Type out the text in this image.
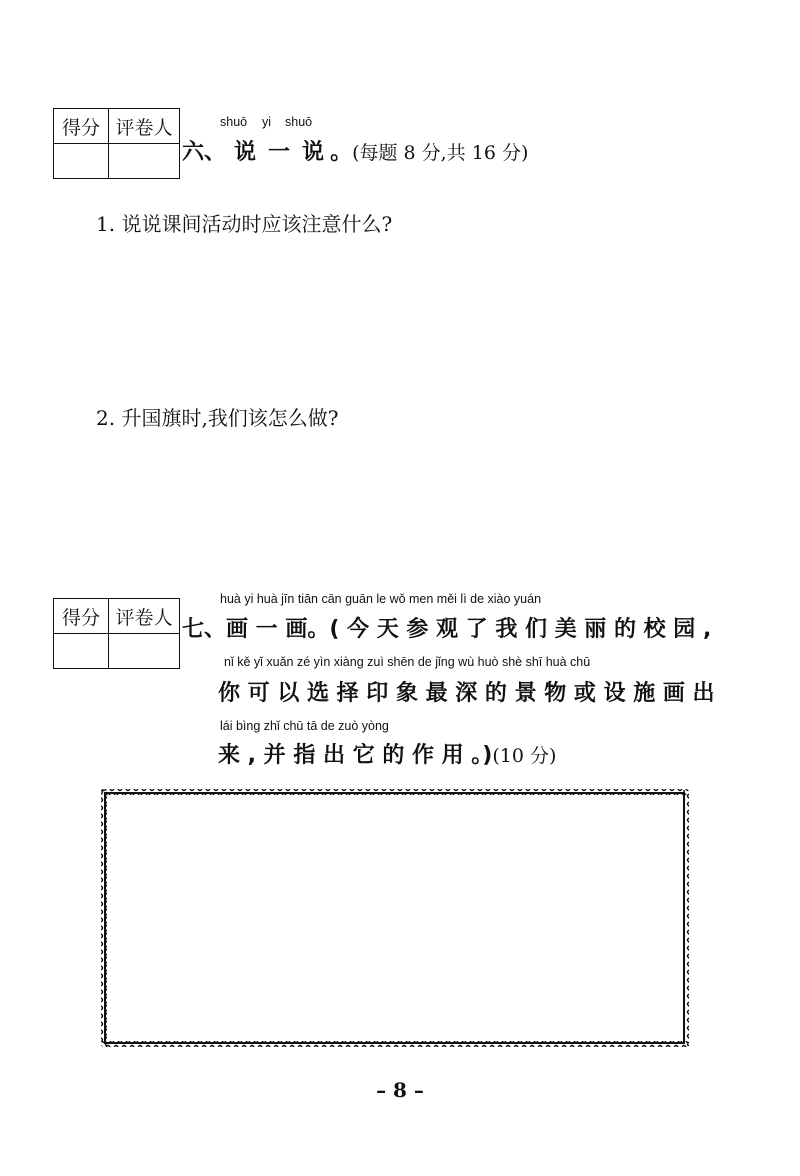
得分	评卷人
		shuō yi shuō
六、 说 一 说 。(每题 8 分,共 16 分)
1. 说说课间活动时应该注意什么?
2. 升国旗时,我们该怎么做?
得分	评卷人

huà yi huà jīn tiān cān guān le wǒ men měi lì de xiào yuán
七、画 一 画。( 今 天 参 观 了 我 们 美 丽 的 校 园 ,
nǐ kě yǐ xuǎn zé yìn xiàng zuì shēn de jǐng wù huò shè shī huà chū
你 可 以 选 择 印 象 最 深 的 景 物 或 设 施 画 出
lái bìng zhǐ chū tā de zuò yòng
来 , 并 指 出 它 的 作 用 。)(10 分)
– 8 –
